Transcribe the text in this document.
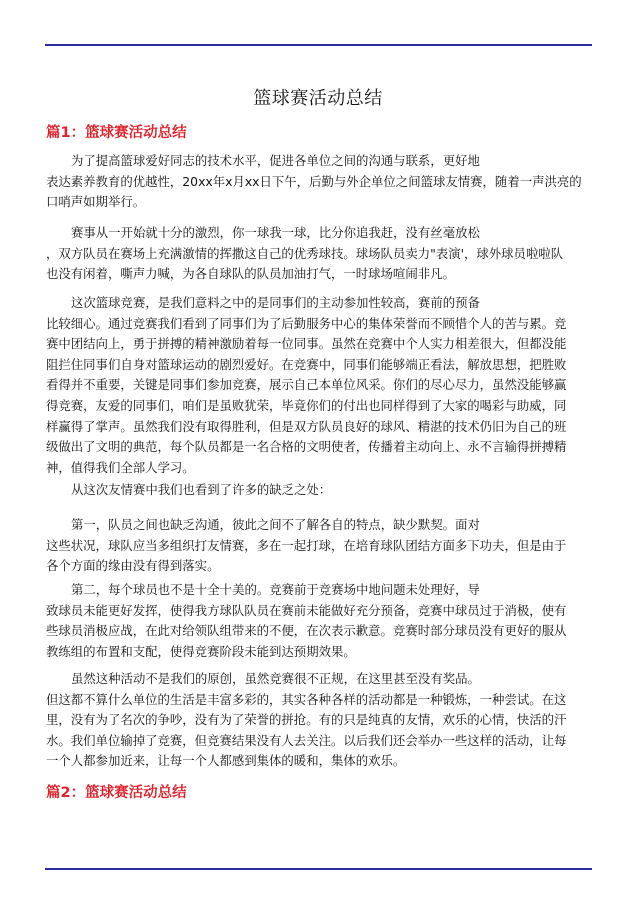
篮球赛活动总结
篇1：篮球赛活动总结
为了提高篮球爱好同志的技术水平，促进各单位之间的沟通与联系，更好地
表达素养教育的优越性，20xx年x月xx日下午，后勤与外企单位之间篮球友情赛，随着一声洪亮的
口哨声如期举行。
赛事从一开始就十分的激烈，你一球我一球，比分你追我赶，没有丝毫放松
，双方队员在赛场上充满激情的挥撒这自己的优秀球技。球场队员卖力"表演'，球外球员啦啦队
也没有闲着，嘶声力喊，为各自球队的队员加油打气，一时球场喧闹非凡。
这次篮球竞赛，是我们意料之中的是同事们的主动参加性较高，赛前的预备
比较细心。通过竞赛我们看到了同事们为了后勤服务中心的集体荣誉而不顾惜个人的苦与累。竞
赛中团结向上，勇于拼搏的精神激励着每一位同事。虽然在竞赛中个人实力相差很大，但都没能
阻拦住同事们自身对篮球运动的剧烈爱好。在竞赛中，同事们能够端正看法，解放思想，把胜败
看得并不重要，关键是同事们参加竞赛，展示自己本单位风采。你们的尽心尽力，虽然没能够赢
得竞赛，友爱的同事们，咱们是虽败犹荣，毕竟你们的付出也同样得到了大家的喝彩与助威，同
样赢得了掌声。虽然我们没有取得胜利，但是双方队员良好的球风、精湛的技术仍旧为自己的班
级做出了文明的典范，每个队员都是一名合格的文明使者，传播着主动向上、永不言输得拼搏精
神，值得我们全部人学习。
从这次友情赛中我们也看到了许多的缺乏之处：
第一，队员之间也缺乏沟通，彼此之间不了解各自的特点，缺少默契。面对
这些状况，球队应当多组织打友情赛，多在一起打球，在培育球队团结方面多下功夫，但是由于
各个方面的缘由没有得到落实。
第二，每个球员也不是十全十美的。竞赛前于竞赛场中地问题未处理好，导
致球员未能更好发挥，使得我方球队队员在赛前未能做好充分预备，竞赛中球员过于消极，使有
些球员消极应战，在此对给领队组带来的不便，在次表示歉意。竞赛时部分球员没有更好的服从
教练组的布置和支配，使得竞赛阶段未能到达预期效果。
虽然这种活动不是我们的原创，虽然竞赛很不正规，在这里甚至没有奖品。
但这都不算什么单位的生活是丰富多彩的，其实各种各样的活动都是一种锻炼，一种尝试。在这
里，没有为了名次的争吵，没有为了荣誉的拼抢。有的只是纯真的友情，欢乐的心情，快活的汗
水。我们单位输掉了竞赛，但竞赛结果没有人去关注。以后我们还会举办一些这样的活动，让每
一个人都参加近来，让每一个人都感到集体的暖和，集体的欢乐。
篇2：篮球赛活动总结
